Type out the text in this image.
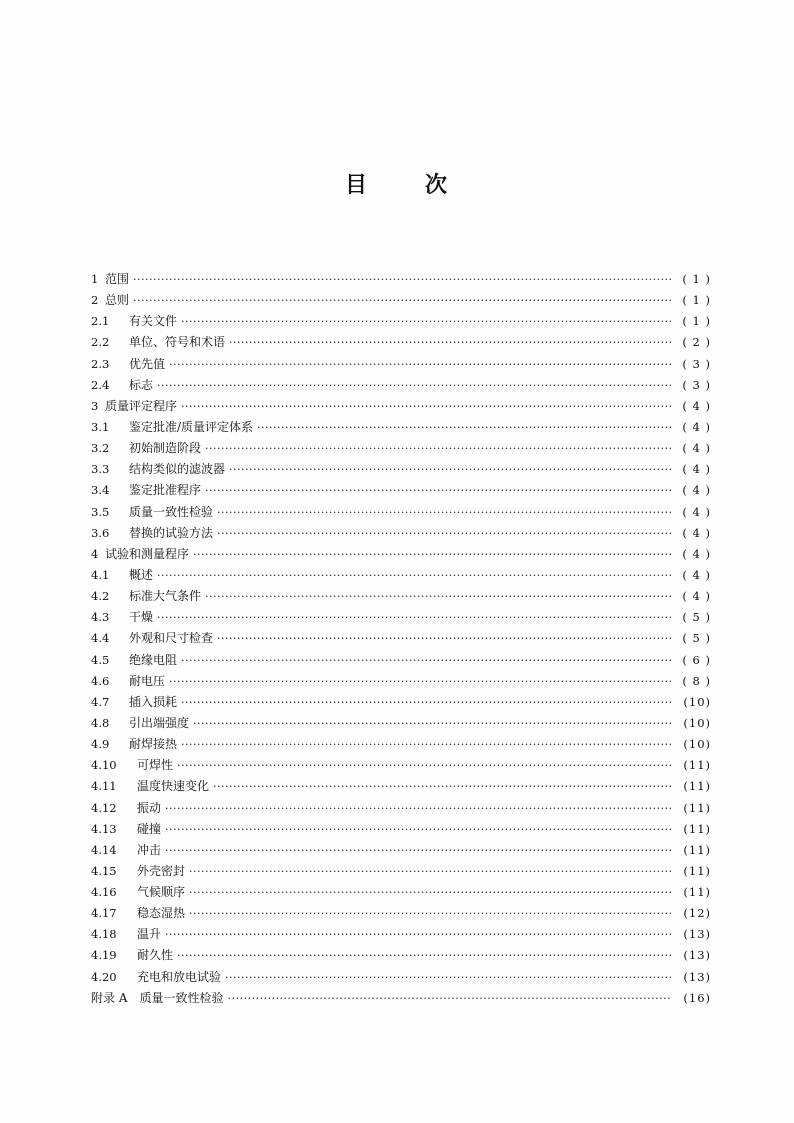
目	次
1 范围 ·····	( 1 )
2 总则 ·····	( 1 )
2.1	有关文件 ·····	( 1 )
2.2	单位、符号和术语 ·····	( 2 )
2.3	优先值 ·····	( 3 )
2.4	标志 ·····	( 3 )
3 质量评定程序 ·····	( 4 )
3.1	鉴定批准/质量评定体系 ·····	( 4 )
3.2	初始制造阶段 ·····	( 4 )
3.3	结构类似的滤波器 ·····	( 4 )
3.4	鉴定批准程序 ·····	( 4 )
3.5	质量一致性检验 ·····	( 4 )
3.6	替换的试验方法 ·····	( 4 )
4 试验和测量程序 ·····	( 4 )
4.1	概述 ·····	( 4 )
4.2	标准大气条件 ·····	( 4 )
4.3	干燥 ·····	( 5 )
4.4	外观和尺寸检查 ·····	( 5 )
4.5	绝缘电阻 ·····	( 6 )
4.6	耐电压 ·····	( 8 )
4.7	插入损耗 ·····	(10)
4.8	引出端强度 ·····	(10)
4.9	耐焊接热 ·····	(10)
4.10	可焊性 ·····	(11)
4.11	温度快速变化 ·····	(11)
4.12	振动 ·····	(11)
4.13	碰撞 ·····	(11)
4.14	冲击 ·····	(11)
4.15	外壳密封 ·····	(11)
4.16	气候顺序 ·····	(11)
4.17	稳态湿热 ·····	(12)
4.18	温升 ·····	(13)
4.19	耐久性 ·····	(13)
4.20	充电和放电试验 ·····	(13)
附录 A　质量一致性检验 ·····	(16)
